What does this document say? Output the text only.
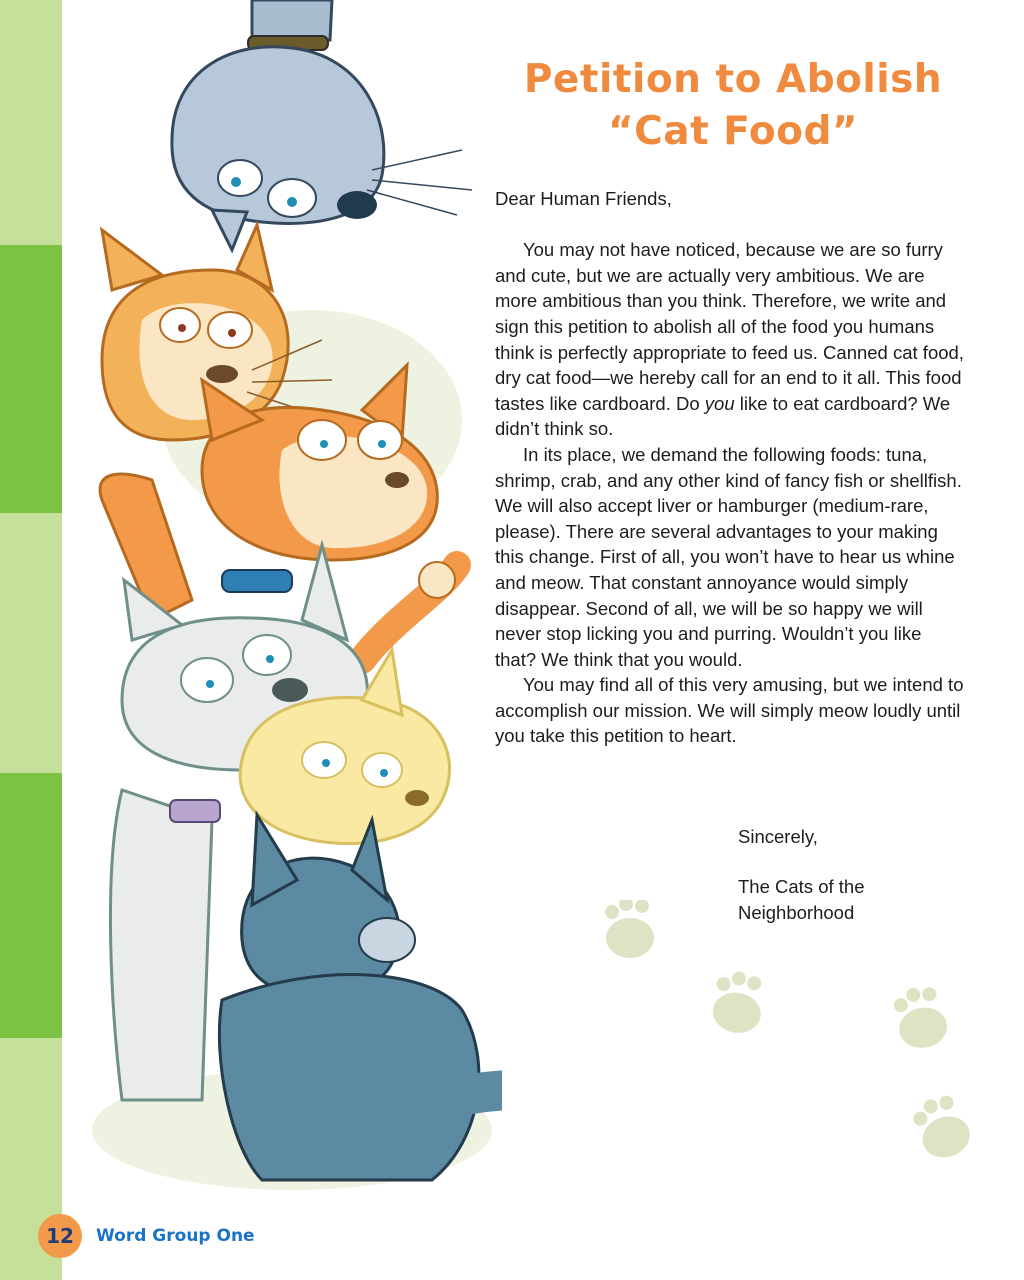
Petition to Abolish
“Cat Food”

Dear Human Friends,

You may not have noticed, because we are so furry and cute, but we are actually very ambitious. We are more ambitious than you think. Therefore, we write and sign this petition to abolish all of the food you humans think is perfectly appropriate to feed us. Canned cat food, dry cat food—we hereby call for an end to it all. This food tastes like cardboard. Do you like to eat cardboard? We didn’t think so.

In its place, we demand the following foods: tuna, shrimp, crab, and any other kind of fancy fish or shellfish. We will also accept liver or hamburger (medium-rare, please). There are several advantages to your making this change. First of all, you won’t have to hear us whine and meow. That constant annoyance would simply disappear. Second of all, we will be so happy we will never stop licking you and purring. Wouldn’t you like that? We think that you would.

You may find all of this very amusing, but we intend to accomplish our mission. We will simply meow loudly until you take this petition to heart.

Sincerely,
The Cats of the Neighborhood
12	Word Group One
